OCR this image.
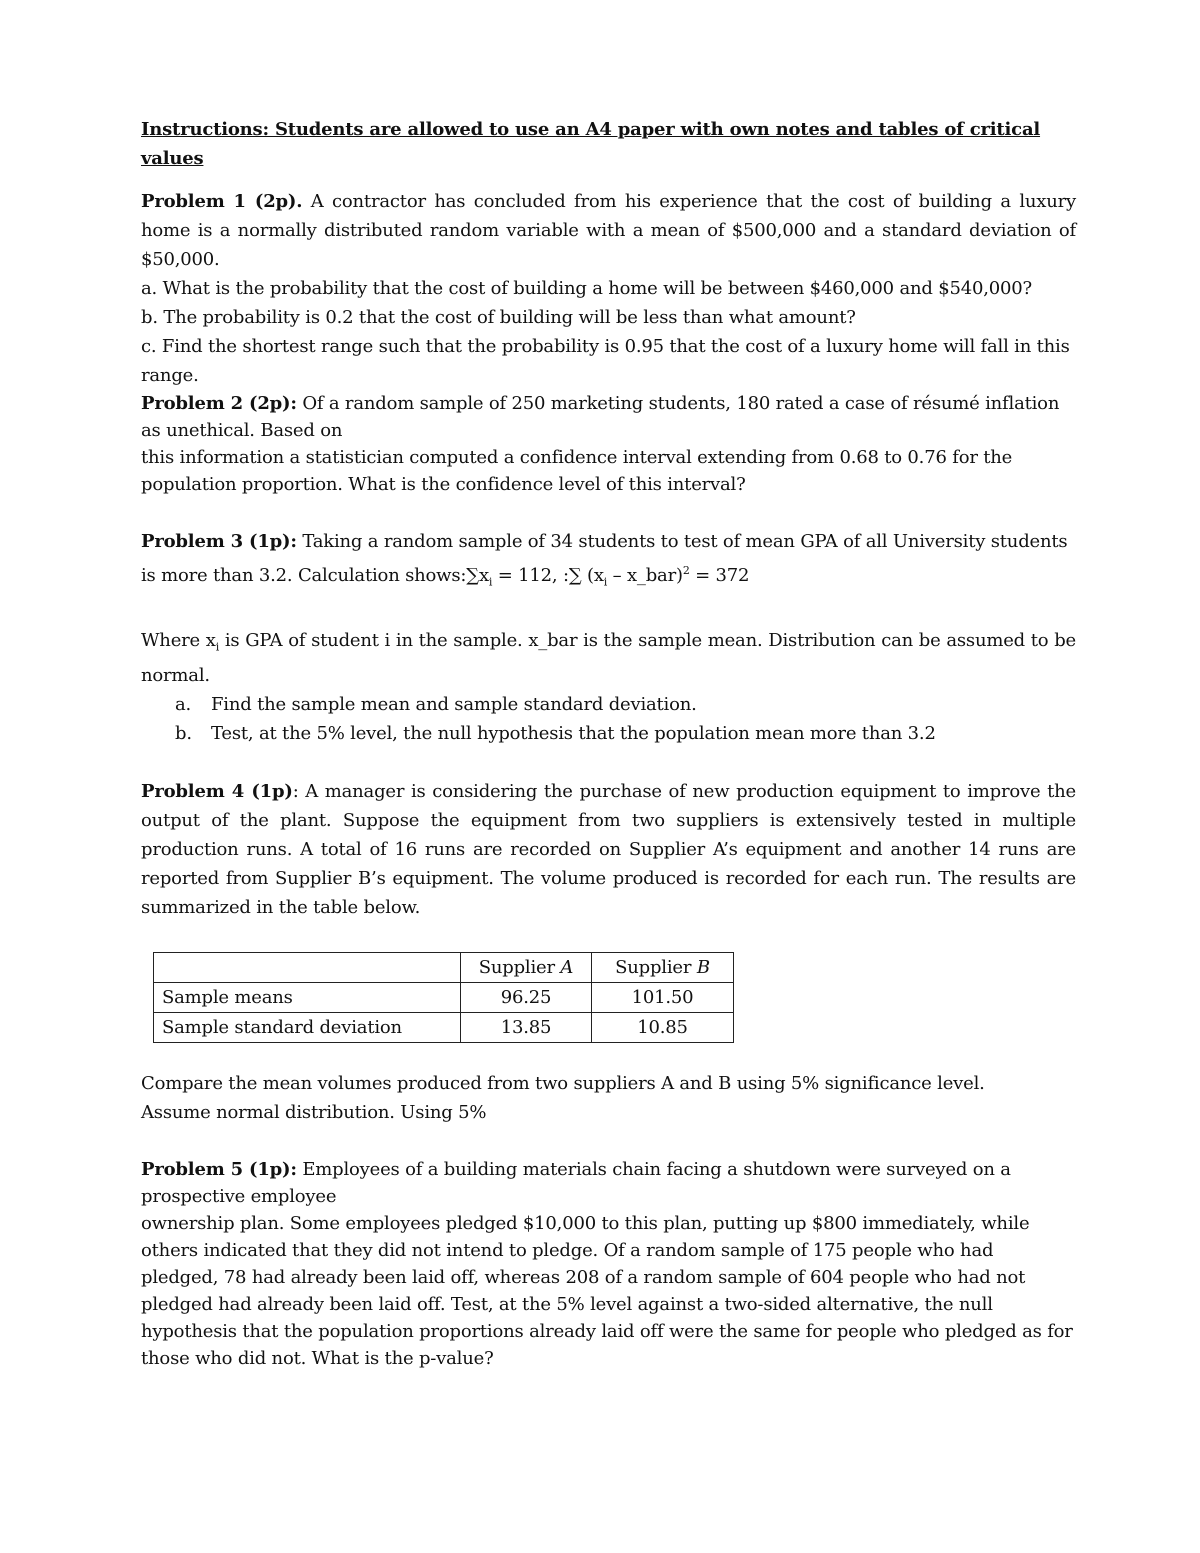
Instructions: Students are allowed to use an A4 paper with own notes and tables of critical
values

Problem 1 (2p). A contractor has concluded from his experience that the cost of building a luxury home is a normally distributed random variable with a mean of $500,000 and a standard deviation of $50,000.

a. What is the probability that the cost of building a home will be between $460,000 and $540,000?

b. The probability is 0.2 that the cost of building will be less than what amount?

c. Find the shortest range such that the probability is 0.95 that the cost of a luxury home will fall in this range.

Problem 2 (2p): Of a random sample of 250 marketing students, 180 rated a case of résumé inflation as unethical. Based on

this information a statistician computed a confidence interval extending from 0.68 to 0.76 for the population proportion. What is the confidence level of this interval?

Problem 3 (1p): Taking a random sample of 34 students to test of mean GPA of all University students is more than 3.2. Calculation $shows:\sum x_i = 112$, :∑ ($x_i$ – x_bar)$^2$ = 372

Where $x_i$ is GPA of student i in the sample. x_bar is the sample mean. Distribution can be assumed to be normal.

a. Find the sample mean and sample standard deviation.
b. Test, at the 5% level, the null hypothesis that the population mean more than 3.2

Problem 4 (1p): A manager is considering the purchase of new production equipment to improve the output of the plant. Suppose the equipment from two suppliers is extensively tested in multiple production runs. A total of 16 runs are recorded on Supplier A’s equipment and another 14 runs are reported from Supplier B’s equipment. The volume produced is recorded for each run. The results are summarized in the table below.

	Supplier A	Supplier B
Sample means	96.25	101.50
Sample standard deviation	13.85	10.85

Compare the mean volumes produced from two suppliers A and B using 5% significance level.

Assume normal distribution. Using 5%

Problem 5 (1p): Employees of a building materials chain facing a shutdown were surveyed on a prospective employee

ownership plan. Some employees pledged $10,000 to this plan, putting up $800 immediately, while others indicated that they did not intend to pledge. Of a random sample of 175 people who had pledged, 78 had already been laid off, whereas 208 of a random sample of 604 people who had not pledged had already been laid off. Test, at the 5% level against a two-sided alternative, the null hypothesis that the population proportions already laid off were the same for people who pledged as for those who did not. What is the p-value?
